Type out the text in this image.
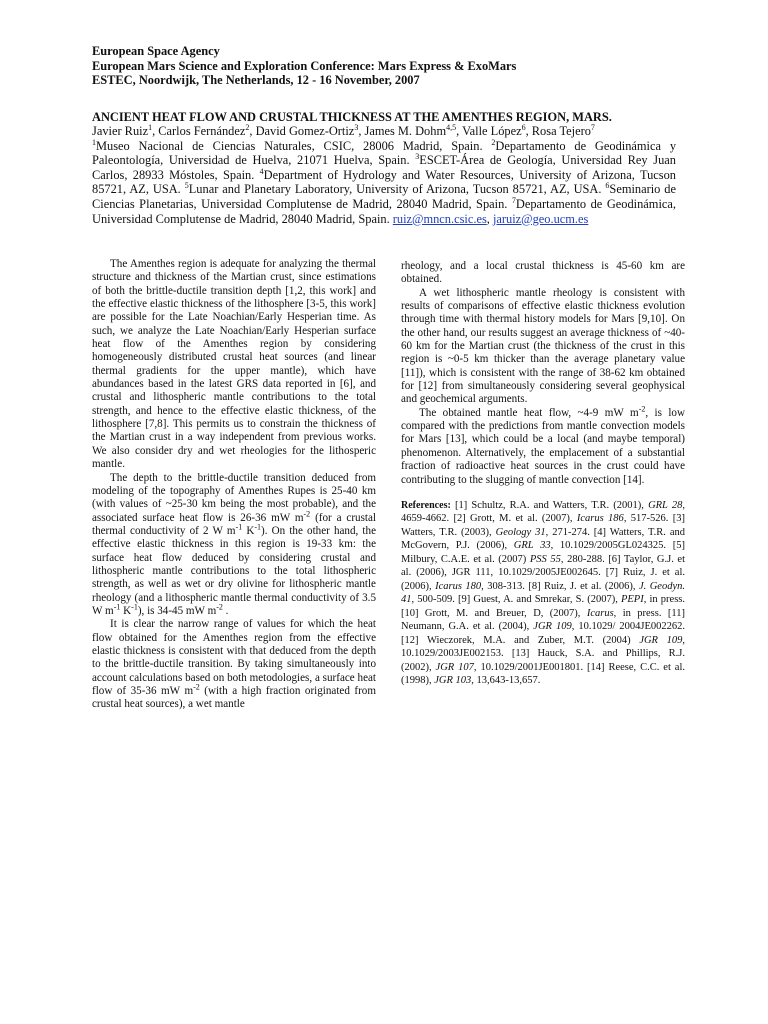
European Space Agency
European Mars Science and Exploration Conference: Mars Express & ExoMars
ESTEC, Noordwijk, The Netherlands, 12 - 16 November, 2007
ANCIENT HEAT FLOW AND CRUSTAL THICKNESS AT THE AMENTHES REGION, MARS.
Javier Ruiz$^1$, Carlos Fernández$^2$, David Gomez-Ortiz$^3$, James M. Dohm$^{4,5}$, Valle López$^6$, Rosa Tejero$^7$
$^1$Museo Nacional de Ciencias Naturales, CSIC, 28006 Madrid, Spain. $^2$Departamento de Geodinámica y Paleontología, Universidad de Huelva, 21071 Huelva, Spain. $^3$ESCET-Área de Geología, Universidad Rey Juan Carlos, 28933 Móstoles, Spain. $^4$Department of Hydrology and Water Resources, University of Arizona, Tucson 85721, AZ, USA. $^5$Lunar and Planetary Laboratory, University of Arizona, Tucson 85721, AZ, USA. $^6$Seminario de Ciencias Planetarias, Universidad Complutense de Madrid, 28040 Madrid, Spain. $^7$Departamento de Geodinámica, Universidad Complutense de Madrid, 28040 Madrid, Spain. ruiz@mncn.csic.es, jaruiz@geo.ucm.es

The Amenthes region is adequate for analyzing the thermal structure and thickness of the Martian crust, since estimations of both the brittle-ductile transition depth [1,2, this work] and the effective elastic thickness of the lithosphere [3-5, this work] are possible for the Late Noachian/Early Hesperian time. As such, we analyze the Late Noachian/Early Hesperian surface heat flow of the Amenthes region by considering homogeneously distributed crustal heat sources (and linear thermal gradients for the upper mantle), which have abundances based in the latest GRS data reported in [6], and crustal and lithospheric mantle contributions to the total strength, and hence to the effective elastic thickness, of the lithosphere [7,8]. This permits us to constrain the thickness of the Martian crust in a way independent from previous works. We also consider dry and wet rheologies for the lithosperic mantle.

The depth to the brittle-ductile transition deduced from modeling of the topography of Amenthes Rupes is 25-40 km (with values of ~25-30 km being the most probable), and the associated surface heat flow is 26-36 mW $m^{-2}$ (for a crustal thermal conductivity of 2 W $m^{-1}$ $K^{-1}$). On the other hand, the effective elastic thickness in this region is 19-33 km: the surface heat flow deduced by considering crustal and lithospheric mantle contributions to the total lithospheric strength, as well as wet or dry olivine for lithospheric mantle rheology (and a lithospheric mantle thermal conductivity of 3.5 W $m^{-1}$ $K^{-1}$), is 34-45 mW $m^{-2}$ .

It is clear the narrow range of values for which the heat flow obtained for the Amenthes region from the effective elastic thickness is consistent with that deduced from the depth to the brittle-ductile transition. By taking simultaneously into account calculations based on both metodologies, a surface heat flow of 35-36 mW $m^{-2}$ (with a high fraction originated from crustal heat sources), a wet mantle

rheology, and a local crustal thickness is 45-60 km are obtained.

A wet lithospheric mantle rheology is consistent with results of comparisons of effective elastic thickness evolution through time with thermal history models for Mars [9,10]. On the other hand, our results suggest an average thickness of ~40-60 km for the Martian crust (the thickness of the crust in this region is ~0-5 km thicker than the average planetary value [11]), which is consistent with the range of 38-62 km obtained for [12] from simultaneously considering several geophysical and geochemical arguments.

The obtained mantle heat flow, ~4-9 mW $m^{-2}$, is low compared with the predictions from mantle convection models for Mars [13], which could be a local (and maybe temporal) phenomenon. Alternatively, the emplacement of a substantial fraction of radioactive heat sources in the crust could have contributing to the slugging of mantle convection [14].

References: [1] Schultz, R.A. and Watters, T.R. (2001), GRL 28, 4659-4662. [2] Grott, M. et al. (2007), Icarus 186, 517-526. [3] Watters, T.R. (2003), Geology 31, 271-274. [4] Watters, T.R. and McGovern, P.J. (2006), GRL 33, 10.1029/2005GL024325. [5] Milbury, C.A.E. et al. (2007) PSS 55, 280-288. [6] Taylor, G.J. et al. (2006), JGR 111, 10.1029/2005JE002645. [7] Ruiz, J. et al. (2006), Icarus 180, 308-313. [8] Ruiz, J. et al. (2006), J. Geodyn. 41, 500-509. [9] Guest, A. and Smrekar, S. (2007), PEPI, in press. [10] Grott, M. and Breuer, D, (2007), Icarus, in press. [11] Neumann, G.A. et al. (2004), JGR 109, 10.1029/ 2004JE002262. [12] Wieczorek, M.A. and Zuber, M.T. (2004) JGR 109, 10.1029/2003JE002153. [13] Hauck, S.A. and Phillips, R.J. (2002), JGR 107, 10.1029/2001JE001801. [14] Reese, C.C. et al. (1998), JGR 103, 13,643-13,657.
